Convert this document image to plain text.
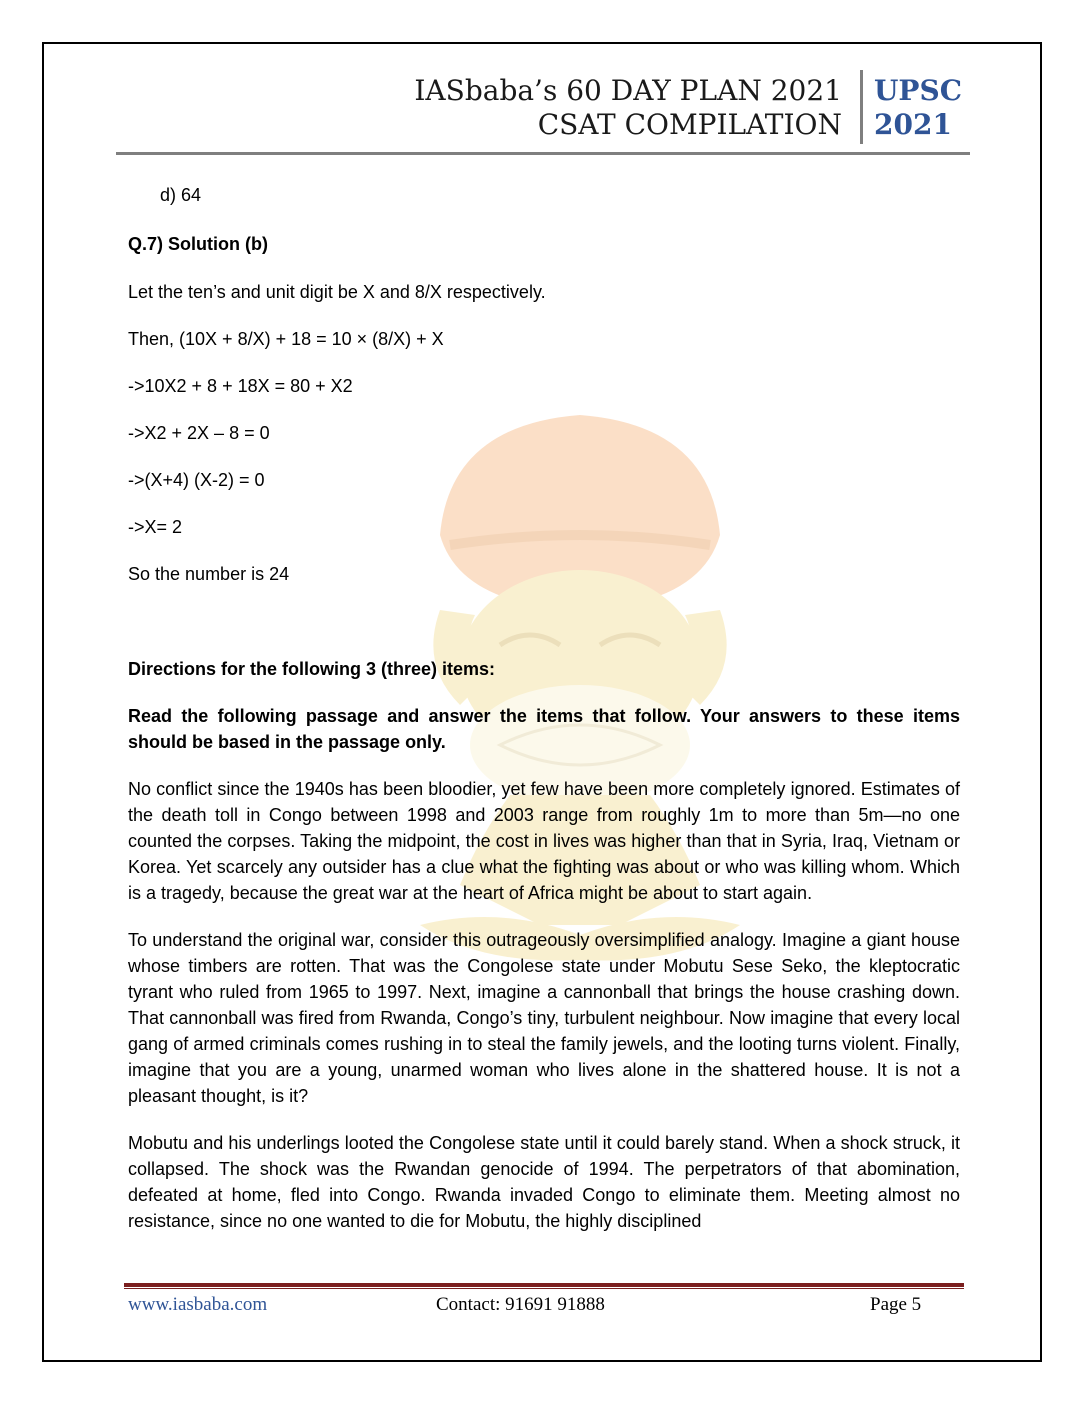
IASbaba’s 60 DAY PLAN 2021
CSAT COMPILATION
UPSC
2021

d) 64

Q.7) Solution (b)

Let the ten’s and unit digit be X and 8/X respectively.

Then, (10X + 8/X) + 18 = 10 × (8/X) + X

->10X2 + 8 + 18X = 80 + X2

->X2 + 2X – 8 = 0

->(X+4) (X-2) = 0

->X= 2

So the number is 24

Directions for the following 3 (three) items:

Read the following passage and answer the items that follow. Your answers to these items should be based in the passage only.

No conflict since the 1940s has been bloodier, yet few have been more completely ignored. Estimates of the death toll in Congo between 1998 and 2003 range from roughly 1m to more than 5m—no one counted the corpses. Taking the midpoint, the cost in lives was higher than that in Syria, Iraq, Vietnam or Korea. Yet scarcely any outsider has a clue what the fighting was about or who was killing whom. Which is a tragedy, because the great war at the heart of Africa might be about to start again.

To understand the original war, consider this outrageously oversimplified analogy. Imagine a giant house whose timbers are rotten. That was the Congolese state under Mobutu Sese Seko, the kleptocratic tyrant who ruled from 1965 to 1997. Next, imagine a cannonball that brings the house crashing down. That cannonball was fired from Rwanda, Congo’s tiny, turbulent neighbour. Now imagine that every local gang of armed criminals comes rushing in to steal the family jewels, and the looting turns violent. Finally, imagine that you are a young, unarmed woman who lives alone in the shattered house. It is not a pleasant thought, is it?

Mobutu and his underlings looted the Congolese state until it could barely stand. When a shock struck, it collapsed. The shock was the Rwandan genocide of 1994. The perpetrators of that abomination, defeated at home, fled into Congo. Rwanda invaded Congo to eliminate them. Meeting almost no resistance, since no one wanted to die for Mobutu, the highly disciplined

www.iasbaba.com	Contact: 91691 91888	Page 5
